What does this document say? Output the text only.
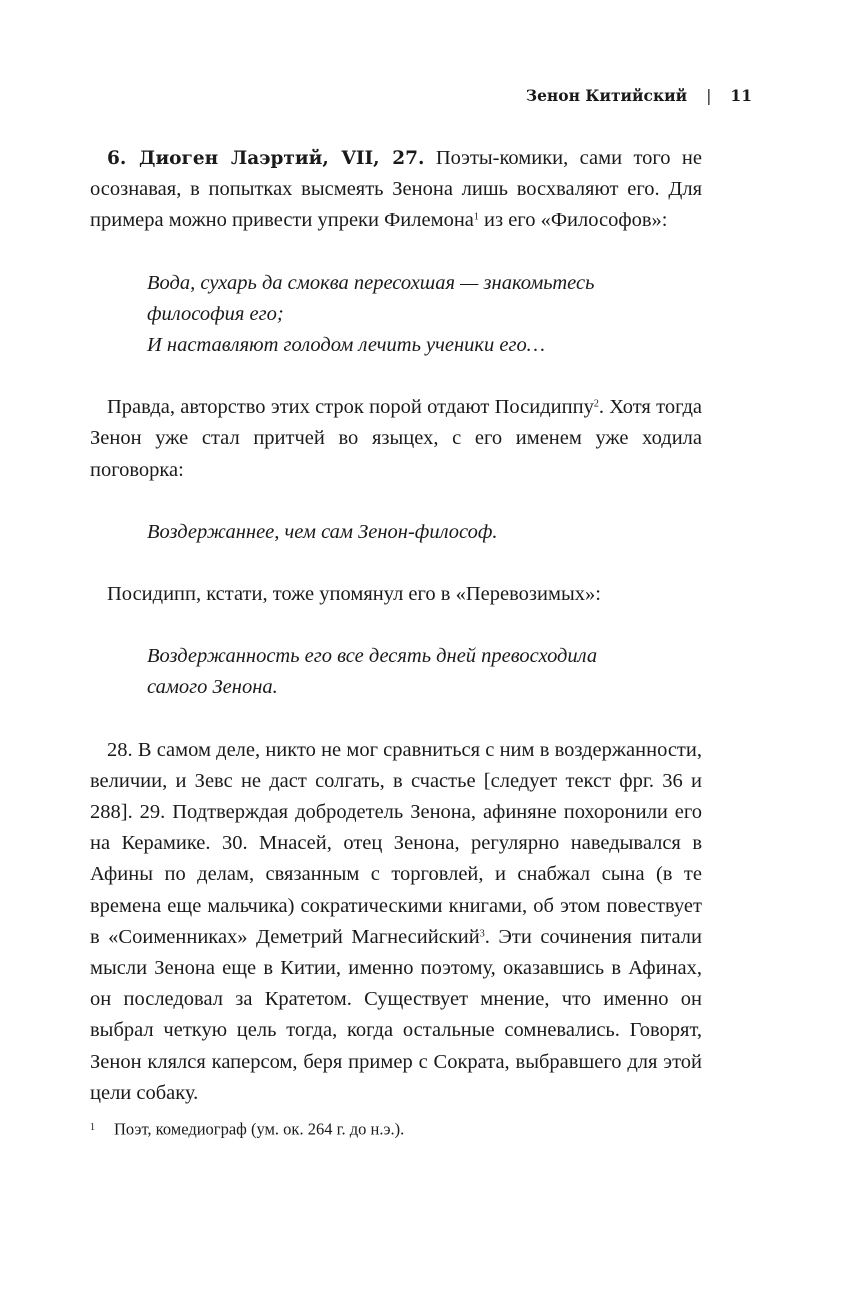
Зенон Китийский | 11

6. Диоген Лаэртий, VII, 27. Поэты-комики, сами того не осознавая, в попытках высмеять Зенона лишь восхваляют его. Для примера можно привести упреки Филемона$^1$ из его «Философов»:

Вода, сухарь да смоква пересохшая — знакомьтесь
философия его;
И наставляют голодом лечить ученики его…

Правда, авторство этих строк порой отдают Посидиппу$^2$. Хотя тогда Зенон уже стал притчей во языцех, с его именем уже ходила поговорка:

Воздержаннее, чем сам Зенон-философ.

Посидипп, кстати, тоже упомянул его в «Перевозимых»:

Воздержанность его все десять дней превосходила
самого Зенона.

28. В самом деле, никто не мог сравниться с ним в воздержанности, величии, и Зевс не даст солгать, в счастье [следует текст фрг. 36 и 288]. 29. Подтверждая добродетель Зенона, афиняне похоронили его на Керамике. 30. Мнасей, отец Зенона, регулярно наведывался в Афины по делам, связанным с торговлей, и снабжал сына (в те времена еще мальчика) сократическими книгами, об этом повествует в «Соименниках» Деметрий Магнесийский$^3$. Эти сочинения питали мысли Зенона еще в Китии, именно поэтому, оказавшись в Афинах, он последовал за Кратетом. Существует мнение, что именно он выбрал четкую цель тогда, когда остальные сомневались. Говорят, Зенон клялся каперсом, беря пример с Сократа, выбравшего для этой цели собаку.

1 Поэт, комедиограф (ум. ок. 264 г. до н.э.).
